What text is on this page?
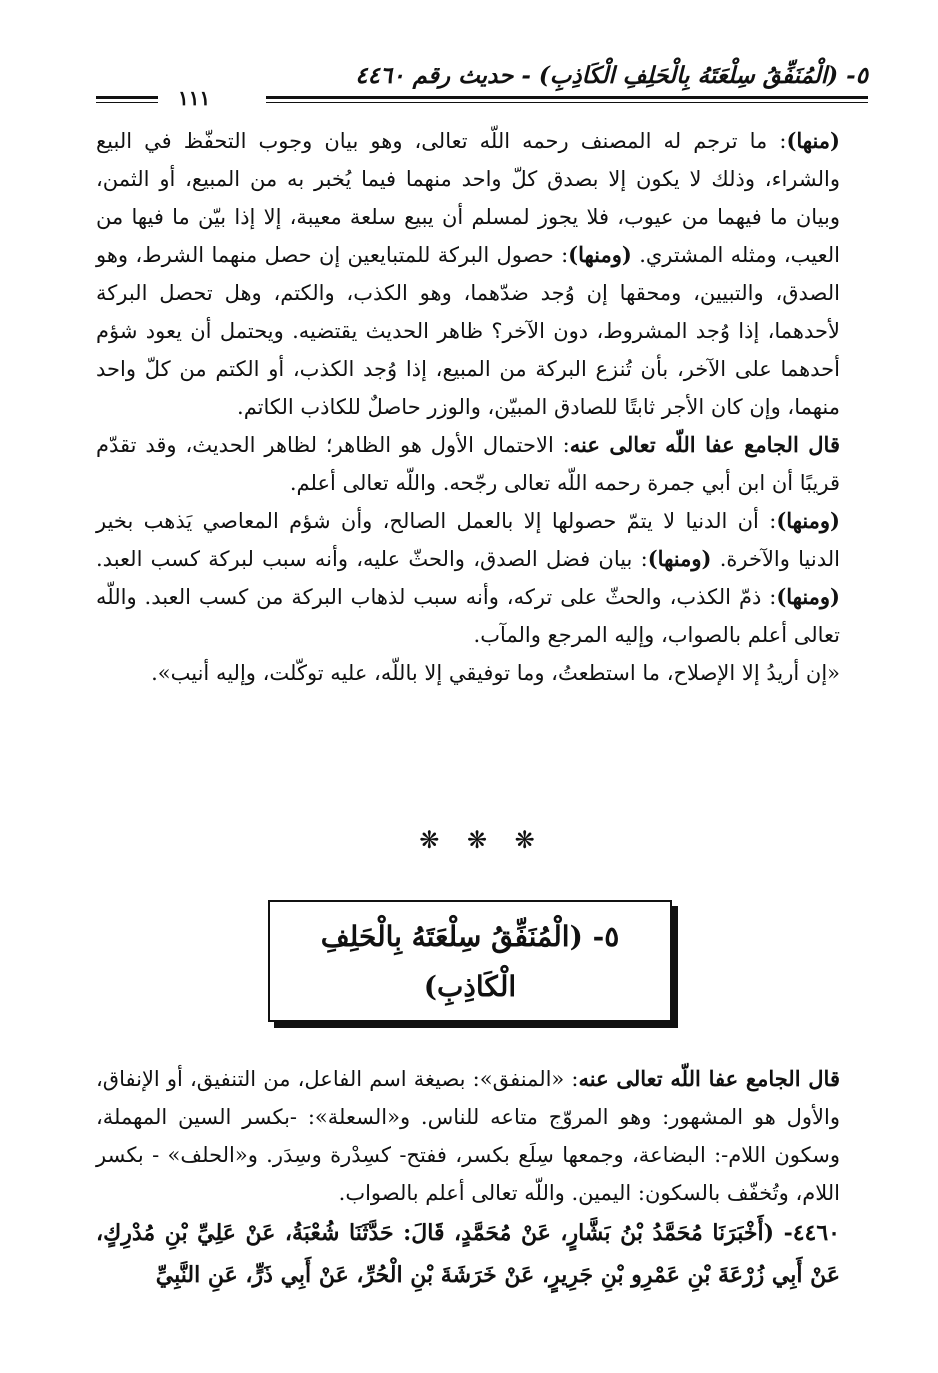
٥- (الْمُنَفِّقُ سِلْعَتَهُ بِالْحَلِفِ الْكَاذِبِ) - حديث رقم ٤٤٦٠
١١١

(منها): ما ترجم له المصنف رحمه اللّه تعالى، وهو بيان وجوب التحفّظ في البيع والشراء، وذلك لا يكون إلا بصدق كلّ واحد منهما فيما يُخبر به من المبيع، أو الثمن، وبيان ما فيهما من عيوب، فلا يجوز لمسلم أن يبيع سلعة معيبة، إلا إذا بيّن ما فيها من العيب، ومثله المشتري. (ومنها): حصول البركة للمتبايعين إن حصل منهما الشرط، وهو الصدق، والتبيين، ومحقها إن وُجد ضدّهما، وهو الكذب، والكتم، وهل تحصل البركة لأحدهما، إذا وُجد المشروط، دون الآخر؟ ظاهر الحديث يقتضيه. ويحتمل أن يعود شؤم أحدهما على الآخر، بأن تُنزع البركة من المبيع، إذا وُجد الكذب، أو الكتم من كلّ واحد منهما، وإن كان الأجر ثابتًا للصادق المبيّن، والوزر حاصلٌ للكاذب الكاتم.

قال الجامع عفا اللّه تعالى عنه: الاحتمال الأول هو الظاهر؛ لظاهر الحديث، وقد تقدّم قريبًا أن ابن أبي جمرة رحمه اللّه تعالى رجّحه. واللّه تعالى أعلم.

(ومنها): أن الدنيا لا يتمّ حصولها إلا بالعمل الصالح، وأن شؤم المعاصي يَذهب بخير الدنيا والآخرة. (ومنها): بيان فضل الصدق، والحثّ عليه، وأنه سبب لبركة كسب العبد. (ومنها): ذمّ الكذب، والحثّ على تركه، وأنه سبب لذهاب البركة من كسب العبد. واللّه تعالى أعلم بالصواب، وإليه المرجع والمآب.

«إن أريدُ إلا الإصلاح، ما استطعتُ، وما توفيقي إلا باللّه، عليه توكّلت، وإليه أنيب».

❋ ❋ ❋
٥- (الْمُنَفِّقُ سِلْعَتَهُ بِالْحَلِفِ
الْكَاذِبِ)

قال الجامع عفا اللّه تعالى عنه: «المنفق»: بصيغة اسم الفاعل، من التنفيق، أو الإنفاق، والأول هو المشهور: وهو المروّج متاعه للناس. و«السعلة»: -بكسر السين المهملة، وسكون اللام-: البضاعة، وجمعها سِلَع بكسر، ففتح- كسِدْرة وسِدَر. و«الحلف» - بكسر اللام، وتُخفّف بالسكون: اليمين. واللّه تعالى أعلم بالصواب.

٤٤٦٠- (أَخْبَرَنَا مُحَمَّدُ بْنُ بَشَّارٍ، عَنْ مُحَمَّدٍ، قَالَ: حَدَّثَنَا شُعْبَةُ، عَنْ عَلِيِّ بْنِ مُدْرِكٍ، عَنْ أَبِي زُرْعَةَ بْنِ عَمْرِو بْنِ جَرِيرٍ، عَنْ خَرَشَةَ بْنِ الْحُرِّ، عَنْ أَبِي ذَرٍّ، عَنِ النَّبِيِّ
